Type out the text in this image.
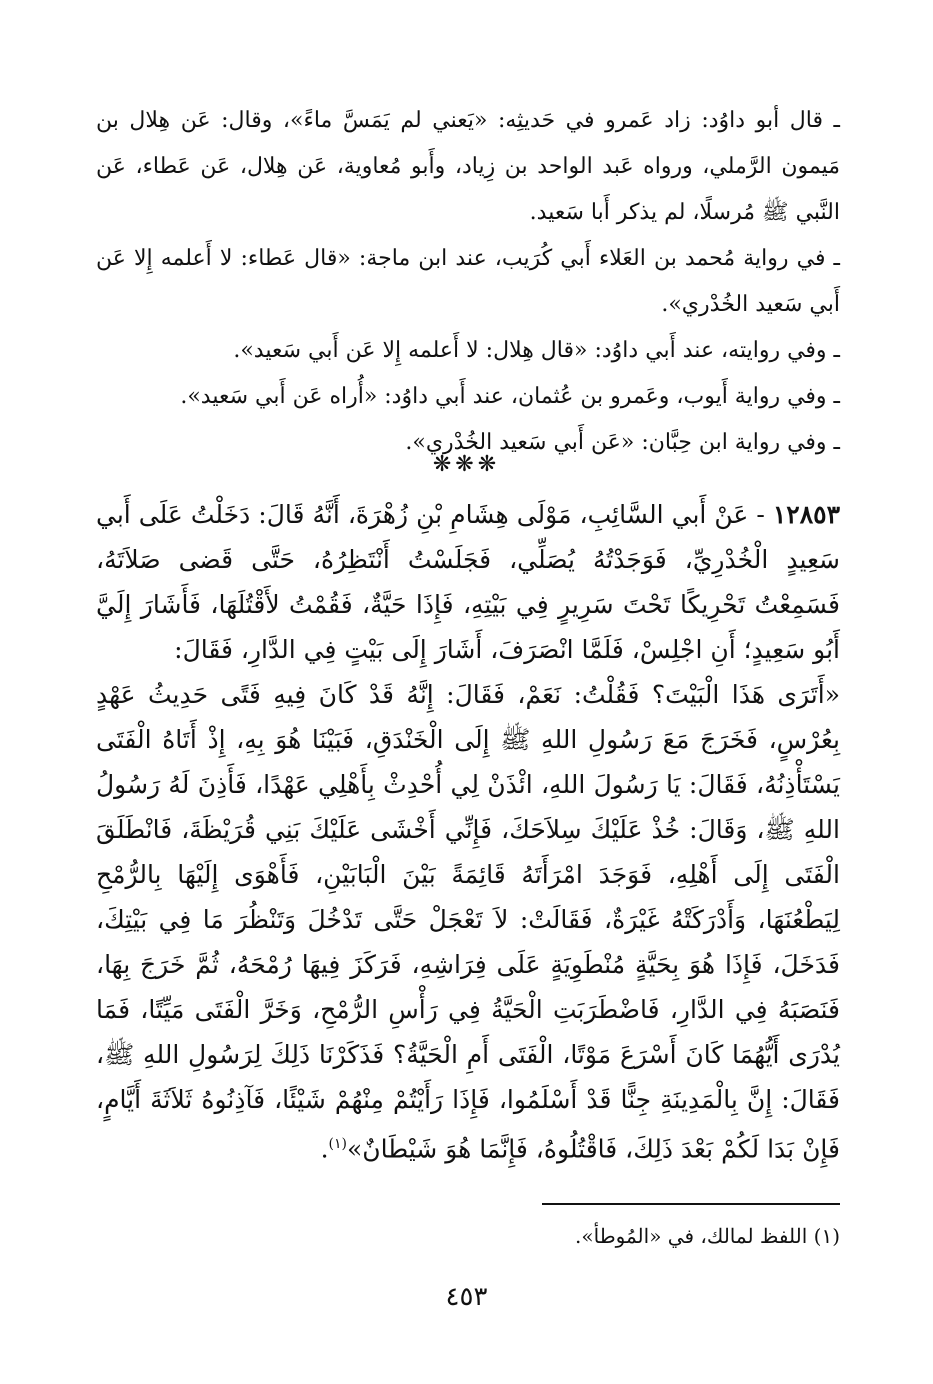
ـ قال أبو داوُد: زاد عَمرو في حَديثِه: «يَعني لم يَمَسَّ ماءً»، وقال: عَن هِلال بن مَيمون الرَّملي، ورواه عَبد الواحد بن زِياد، وأَبو مُعاوية، عَن هِلال، عَن عَطاء، عَن النَّبي ﷺ مُرسلًا، لم يذكر أَبا سَعيد.

ـ في رواية مُحمد بن العَلاء أَبي كُرَيب، عند ابن ماجة: «قال عَطاء: لا أَعلمه إِلا عَن أَبي سَعيد الخُدْري».

ـ وفي روايته، عند أَبي داوُد: «قال هِلال: لا أَعلمه إِلا عَن أَبي سَعيد».

ـ وفي رواية أَيوب، وعَمرو بن عُثمان، عند أَبي داوُد: «أُراه عَن أَبي سَعيد».

ـ وفي رواية ابن حِبَّان: «عَن أَبي سَعيد الخُدْري».

❋❋❋

١٢٨٥٣ - عَنْ أَبي السَّائِبِ، مَوْلَى هِشَامِ بْنِ زُهْرَةَ، أَنَّهُ قَالَ: دَخَلْتُ عَلَى أَبي سَعِيدٍ الْخُدْرِيِّ، فَوَجَدْتُهُ يُصَلِّي، فَجَلَسْتُ أَنْتَظِرُهُ، حَتَّى قَضى صَلاَتَهُ، فَسَمِعْتُ تَحْرِيكًا تَحْتَ سَرِيرٍ فِي بَيْتِهِ، فَإِذَا حَيَّةٌ، فَقُمْتُ لأَقْتُلَهَا، فَأَشَارَ إِلَيَّ أَبُو سَعِيدٍ؛ أَنِ اجْلِسْ، فَلَمَّا انْصَرَفَ، أَشَارَ إِلَى بَيْتٍ فِي الدَّارِ، فَقَالَ:

«أَتَرَى هَذَا الْبَيْتَ؟ فَقُلْتُ: نَعَمْ، فَقَالَ: إِنَّهُ قَدْ كَانَ فِيهِ فَتًى حَدِيثُ عَهْدٍ بِعُرْسٍ، فَخَرَجَ مَعَ رَسُولِ اللهِ ﷺ إِلَى الْخَنْدَقِ، فَبَيْنَا هُوَ بِهِ، إِذْ أَتَاهُ الْفَتَى يَسْتَأْذِنُهُ، فَقَالَ: يَا رَسُولَ اللهِ، ائْذَنْ لِي أُحْدِثْ بِأَهْلِي عَهْدًا، فَأَذِنَ لَهُ رَسُولُ اللهِ ﷺ، وَقَالَ: خُذْ عَلَيْكَ سِلاَحَكَ، فَإِنِّي أَخْشَى عَلَيْكَ بَنِي قُرَيْظَةَ، فَانْطَلَقَ الْفَتَى إِلَى أَهْلِهِ، فَوَجَدَ امْرَأَتَهُ قَائِمَةً بَيْنَ الْبَابَيْنِ، فَأَهْوَى إِلَيْهَا بِالرُّمْحِ لِيَطْعُنَهَا، وَأَدْرَكَتْهُ غَيْرَةٌ، فَقَالَتْ: لاَ تَعْجَلْ حَتَّى تَدْخُلَ وَتَنْظُرَ مَا فِي بَيْتِكَ، فَدَخَلَ، فَإِذَا هُوَ بِحَيَّةٍ مُنْطَوِيَةٍ عَلَى فِرَاشِهِ، فَرَكَزَ فِيهَا رُمْحَهُ، ثُمَّ خَرَجَ بِهَا، فَنَصَبَهُ فِي الدَّارِ، فَاضْطَرَبَتِ الْحَيَّةُ فِي رَأْسِ الرُّمْحِ، وَخَرَّ الْفَتَى مَيِّتًا، فَمَا يُدْرَى أَيُّهُمَا كَانَ أَسْرَعَ مَوْتًا، الْفَتَى أَمِ الْحَيَّةُ؟ فَذَكَرْنَا ذَلِكَ لِرَسُولِ اللهِ ﷺ، فَقَالَ: إِنَّ بِالْمَدِينَةِ جِنًّا قَدْ أَسْلَمُوا، فَإِذَا رَأَيْتُمْ مِنْهُمْ شَيْئًا، فَآذِنُوهُ ثَلاَثَةَ أَيَّامٍ، فَإِنْ بَدَا لَكُمْ بَعْدَ ذَلِكَ، فَاقْتُلُوهُ، فَإِنَّمَا هُوَ شَيْطَانٌ»$^{(١)}$.

(١) اللفظ لمالك، في «المُوطأ».

٤٥٣
